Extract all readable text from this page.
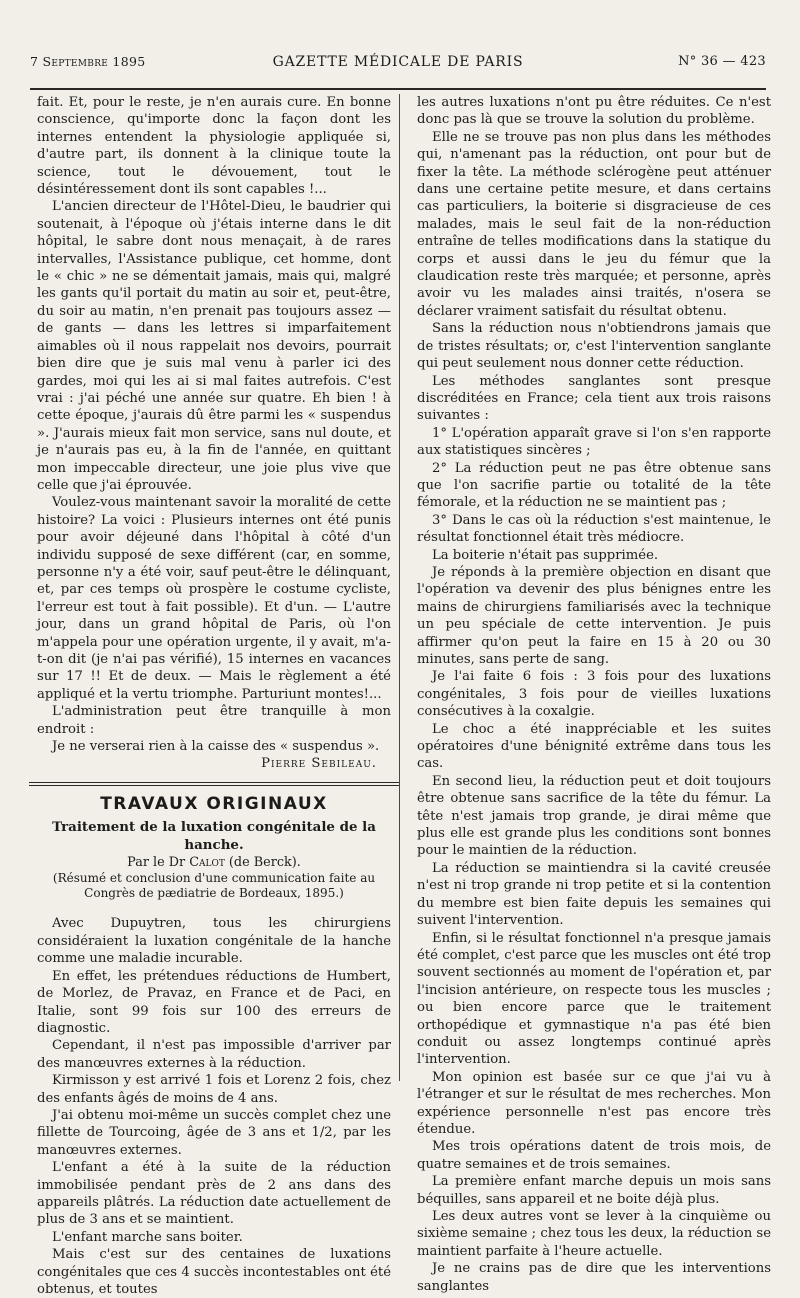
7 Septembre 1895	GAZETTE MÉDICALE DE PARIS	N° 36 — 423

fait. Et, pour le reste, je n'en aurais cure. En bonne conscience, qu'importe donc la façon dont les internes entendent la physiologie appliquée si, d'autre part, ils donnent à la clinique toute la science, tout le dévouement, tout le désintéressement dont ils sont capables !...

L'ancien directeur de l'Hôtel-Dieu, le baudrier qui soutenait, à l'époque où j'étais interne dans le dit hôpital, le sabre dont nous menaçait, à de rares intervalles, l'Assistance publique, cet homme, dont le « chic » ne se démentait jamais, mais qui, malgré les gants qu'il portait du matin au soir et, peut-être, du soir au matin, n'en prenait pas toujours assez — de gants — dans les lettres si imparfaitement aimables où il nous rappelait nos devoirs, pourrait bien dire que je suis mal venu à parler ici des gardes, moi qui les ai si mal faites autrefois. C'est vrai : j'ai péché une année sur quatre. Eh bien ! à cette époque, j'aurais dû être parmi les « suspendus ». J'aurais mieux fait mon service, sans nul doute, et je n'aurais pas eu, à la fin de l'année, en quittant mon impeccable directeur, une joie plus vive que celle que j'ai éprouvée.

Voulez-vous maintenant savoir la moralité de cette histoire? La voici : Plusieurs internes ont été punis pour avoir déjeuné dans l'hôpital à côté d'un individu supposé de sexe différent (car, en somme, personne n'y a été voir, sauf peut-être le délinquant, et, par ces temps où prospère le costume cycliste, l'erreur est tout à fait possible). Et d'un. — L'autre jour, dans un grand hôpital de Paris, où l'on m'appela pour une opération urgente, il y avait, m'a-t-on dit (je n'ai pas vérifié), 15 internes en vacances sur 17 !! Et de deux. — Mais le règlement a été appliqué et la vertu triomphe. Parturiunt montes!...

L'administration peut être tranquille à mon endroit :

Je ne verserai rien à la caisse des « suspendus ».

Pierre Sebileau.

TRAVAUX ORIGINAUX

Traitement de la luxation congénitale de la hanche.

Par le Dr Calot (de Berck).

(Résumé et conclusion d'une communication faite au Congrès de pædiatrie de Bordeaux, 1895.)

Avec Dupuytren, tous les chirurgiens considéraient la luxation congénitale de la hanche comme une maladie incurable.

En effet, les prétendues réductions de Humbert, de Morlez, de Pravaz, en France et de Paci, en Italie, sont 99 fois sur 100 des erreurs de diagnostic.

Cependant, il n'est pas impossible d'arriver par des manœuvres externes à la réduction.

Kirmisson y est arrivé 1 fois et Lorenz 2 fois, chez des enfants âgés de moins de 4 ans.

J'ai obtenu moi-même un succès complet chez une fillette de Tourcoing, âgée de 3 ans et 1/2, par les manœuvres externes.

L'enfant a été à la suite de la réduction immobilisée pendant près de 2 ans dans des appareils plâtrés. La réduction date actuellement de plus de 3 ans et se maintient.

L'enfant marche sans boiter.

Mais c'est sur des centaines de luxations congénitales que ces 4 succès incontestables ont été obtenus, et toutes

les autres luxations n'ont pu être réduites. Ce n'est donc pas là que se trouve la solution du problème.

Elle ne se trouve pas non plus dans les méthodes qui, n'amenant pas la réduction, ont pour but de fixer la tête. La méthode sclérogène peut atténuer dans une certaine petite mesure, et dans certains cas particuliers, la boiterie si disgracieuse de ces malades, mais le seul fait de la non-réduction entraîne de telles modifications dans la statique du corps et aussi dans le jeu du fémur que la claudication reste très marquée; et personne, après avoir vu les malades ainsi traités, n'osera se déclarer vraiment satisfait du résultat obtenu.

Sans la réduction nous n'obtiendrons jamais que de tristes résultats; or, c'est l'intervention sanglante qui peut seulement nous donner cette réduction.

Les méthodes sanglantes sont presque discréditées en France; cela tient aux trois raisons suivantes :

1° L'opération apparaît grave si l'on s'en rapporte aux statistiques sincères ;

2° La réduction peut ne pas être obtenue sans que l'on sacrifie partie ou totalité de la tête fémorale, et la réduction ne se maintient pas ;

3° Dans le cas où la réduction s'est maintenue, le résultat fonctionnel était très médiocre.

La boiterie n'était pas supprimée.

Je réponds à la première objection en disant que l'opération va devenir des plus bénignes entre les mains de chirurgiens familiarisés avec la technique un peu spéciale de cette intervention. Je puis affirmer qu'on peut la faire en 15 à 20 ou 30 minutes, sans perte de sang.

Je l'ai faite 6 fois : 3 fois pour des luxations congénitales, 3 fois pour de vieilles luxations consécutives à la coxalgie.

Le choc a été inappréciable et les suites opératoires d'une bénignité extrême dans tous les cas.

En second lieu, la réduction peut et doit toujours être obtenue sans sacrifice de la tête du fémur. La tête n'est jamais trop grande, je dirai même que plus elle est grande plus les conditions sont bonnes pour le maintien de la réduction.

La réduction se maintiendra si la cavité creusée n'est ni trop grande ni trop petite et si la contention du membre est bien faite depuis les semaines qui suivent l'intervention.

Enfin, si le résultat fonctionnel n'a presque jamais été complet, c'est parce que les muscles ont été trop souvent sectionnés au moment de l'opération et, par l'incision antérieure, on respecte tous les muscles ; ou bien encore parce que le traitement orthopédique et gymnastique n'a pas été bien conduit ou assez longtemps continué après l'intervention.

Mon opinion est basée sur ce que j'ai vu à l'étranger et sur le résultat de mes recherches. Mon expérience personnelle n'est pas encore très étendue.

Mes trois opérations datent de trois mois, de quatre semaines et de trois semaines.

La première enfant marche depuis un mois sans béquilles, sans appareil et ne boite déjà plus.

Les deux autres vont se lever à la cinquième ou sixième semaine ; chez tous les deux, la réduction se maintient parfaite à l'heure actuelle.

Je ne crains pas de dire que les interventions sanglantes
